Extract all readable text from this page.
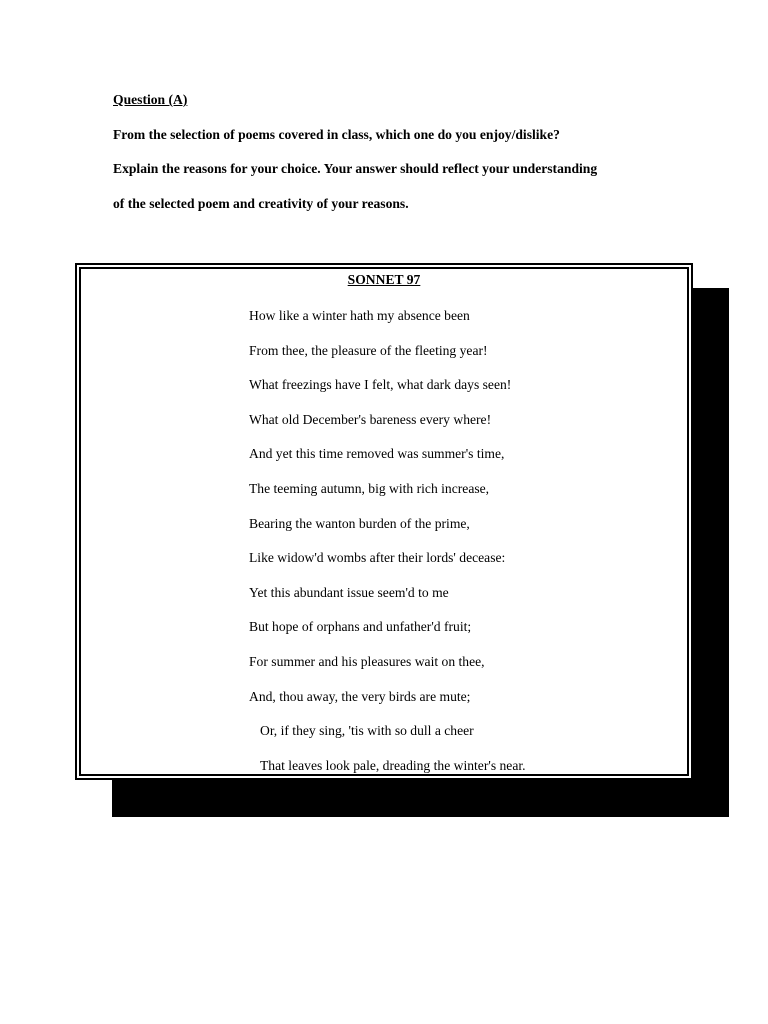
Question (A)
From the selection of poems covered in class, which one do you enjoy/dislike?
Explain the reasons for your choice. Your answer should reflect your understanding
of the selected poem and creativity of your reasons.
SONNET 97
How like a winter hath my absence been
From thee, the pleasure of the fleeting year!
What freezings have I felt, what dark days seen!
What old December's bareness every where!
And yet this time removed was summer's time,
The teeming autumn, big with rich increase,
Bearing the wanton burden of the prime,
Like widow'd wombs after their lords' decease:
Yet this abundant issue seem'd to me
But hope of orphans and unfather'd fruit;
For summer and his pleasures wait on thee,
And, thou away, the very birds are mute;
Or, if they sing, 'tis with so dull a cheer
That leaves look pale, dreading the winter's near.
